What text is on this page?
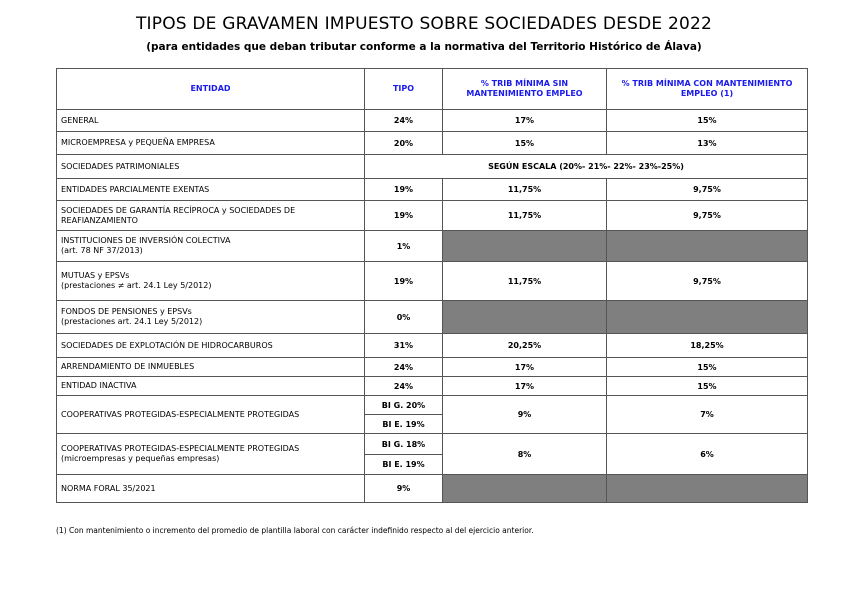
TIPOS DE GRAVAMEN IMPUESTO SOBRE SOCIEDADES DESDE 2022
(para entidades que deban tributar conforme a la normativa del Territorio Histórico de Álava)
ENTIDAD	TIPO	% TRIB MÍNIMA SIN MANTENIMIENTO EMPLEO	% TRIB MÍNIMA CON MANTENIMIENTO EMPLEO (1)
GENERAL	24%	17%	15%
MICROEMPRESA y PEQUEÑA EMPRESA	20%	15%	13%
SOCIEDADES PATRIMONIALES	SEGÚN ESCALA (20%- 21%- 22%- 23%-25%)		
ENTIDADES PARCIALMENTE EXENTAS	19%	11,75%	9,75%
SOCIEDADES DE GARANTÍA RECÍPROCA y SOCIEDADES DE REAFIANZAMIENTO	19%	11,75%	9,75%

INSTITUCIONES DE INVERSIÓN COLECTIVA
(art. 78 NF 37/2013)	1%		

MUTUAS y EPSVs
(prestaciones ≠ art. 24.1 Ley 5/2012)	19%	11,75%	9,75%

FONDOS DE PENSIONES y EPSVs
(prestaciones art. 24.1 Ley 5/2012)	0%		
SOCIEDADES DE EXPLOTACIÓN DE HIDROCARBUROS	31%	20,25%	18,25%
ARRENDAMIENTO DE INMUEBLES	24%	17%	15%
ENTIDAD INACTIVA	24%	17%	15%
COOPERATIVAS PROTEGIDAS-ESPECIALMENTE PROTEGIDAS	BI G. 20%	9%	7%
	BI E. 19%		

COOPERATIVAS PROTEGIDAS-ESPECIALMENTE PROTEGIDAS
(microempresas y pequeñas empresas)	BI G. 18%	8%	6%
	BI E. 19%		
NORMA FORAL 35/2021	9%		
(1) Con mantenimiento o incremento del promedio de plantilla laboral con carácter indefinido respecto al del ejercicio anterior.
